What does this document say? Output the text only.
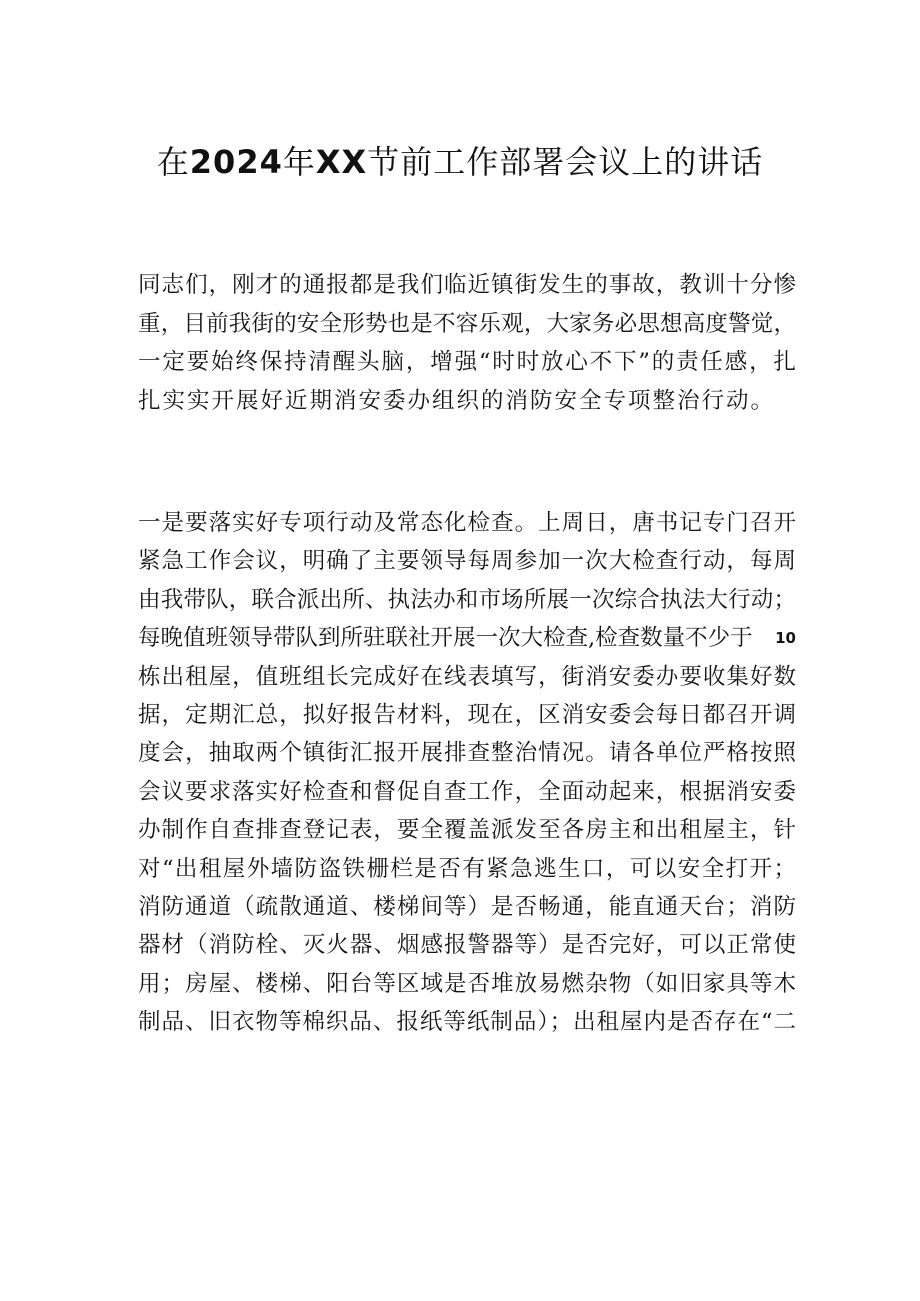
在2024年XX节前工作部署会议上的讲话
同志们，刚才的通报都是我们临近镇街发生的事故，教训十分惨
重，目前我街的安全形势也是不容乐观，大家务必思想高度警觉，
一定要始终保持清醒头脑，增强“时时放心不下”的责任感，扎
扎实实开展好近期消安委办组织的消防安全专项整治行动。
一是要落实好专项行动及常态化检查。上周日，唐书记专门召开
紧急工作会议，明确了主要领导每周参加一次大检查行动，每周
由我带队，联合派出所、执法办和市场所展一次综合执法大行动；
每晚值班领导带队到所驻联社开展一次大检查,检查数量不少于 10
栋出租屋，值班组长完成好在线表填写，街消安委办要收集好数
据，定期汇总，拟好报告材料，现在，区消安委会每日都召开调
度会，抽取两个镇街汇报开展排查整治情况。请各单位严格按照
会议要求落实好检查和督促自查工作，全面动起来，根据消安委
办制作自查排查登记表，要全覆盖派发至各房主和出租屋主，针
对“出租屋外墙防盗铁栅栏是否有紧急逃生口，可以安全打开；
消防通道（疏散通道、楼梯间等）是否畅通，能直通天台；消防
器材（消防栓、灭火器、烟感报警器等）是否完好，可以正常使
用；房屋、楼梯、阳台等区域是否堆放易燃杂物（如旧家具等木
制品、旧衣物等棉织品、报纸等纸制品）；出租屋内是否存在“二
